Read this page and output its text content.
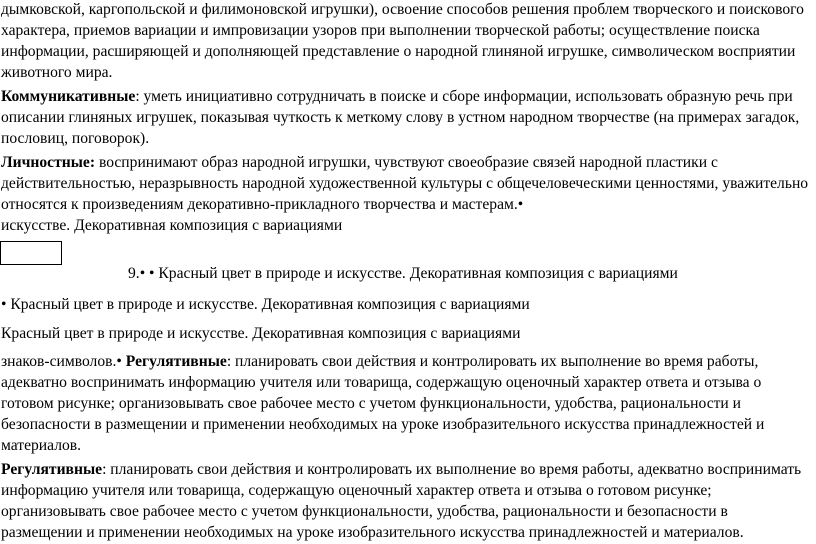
дымковской, каргопольской и филимоновской игрушки), освоение способов решения проблем творческого и поискового
характера, приемов вариации и импровизации узоров при выполнении творческой работы; осуществление поиска
информации, расширяющей и дополняющей представление о народной глиняной игрушке, символическом восприятии
животного мира.
Коммуникативные: уметь инициативно сотрудничать в поиске и сборе информации, использовать образную речь при
описании глиняных игрушек, показывая чуткость к меткому слову в устном народном творчестве (на примерах загадок,
пословиц, поговорок).
Личностные: воспринимают образ народной игрушки, чувствуют своеобразие связей народной пластики с
действительностью, неразрывность народной художественной культуры с общечеловеческими ценностями, уважительно
относятся к произведениям декоративно-прикладного творчества и мастерам.•
искусстве. Декоративная композиция с вариациями
9.• • Красный цвет в природе и искусстве. Декоративная композиция с вариациями
• Красный цвет в природе и искусстве. Декоративная композиция с вариациями
Красный цвет в природе и искусстве. Декоративная композиция с вариациями
знаков-символов.• Регулятивные: планировать свои действия и контролировать их выполнение во время работы,
адекватно воспринимать информацию учителя или товарища, содержащую оценочный характер ответа и отзыва о
готовом рисунке; организовывать свое рабочее место с учетом функциональности, удобства, рациональности и
безопасности в размещении и применении необходимых на уроке изобразительного искусства принадлежностей и
материалов.
Регулятивные: планировать свои действия и контролировать их выполнение во время работы, адекватно воспринимать
информацию учителя или товарища, содержащую оценочный характер ответа и отзыва о готовом рисунке;
организовывать свое рабочее место с учетом функциональности, удобства, рациональности и безопасности в
размещении и применении необходимых на уроке изобразительного искусства принадлежностей и материалов.
